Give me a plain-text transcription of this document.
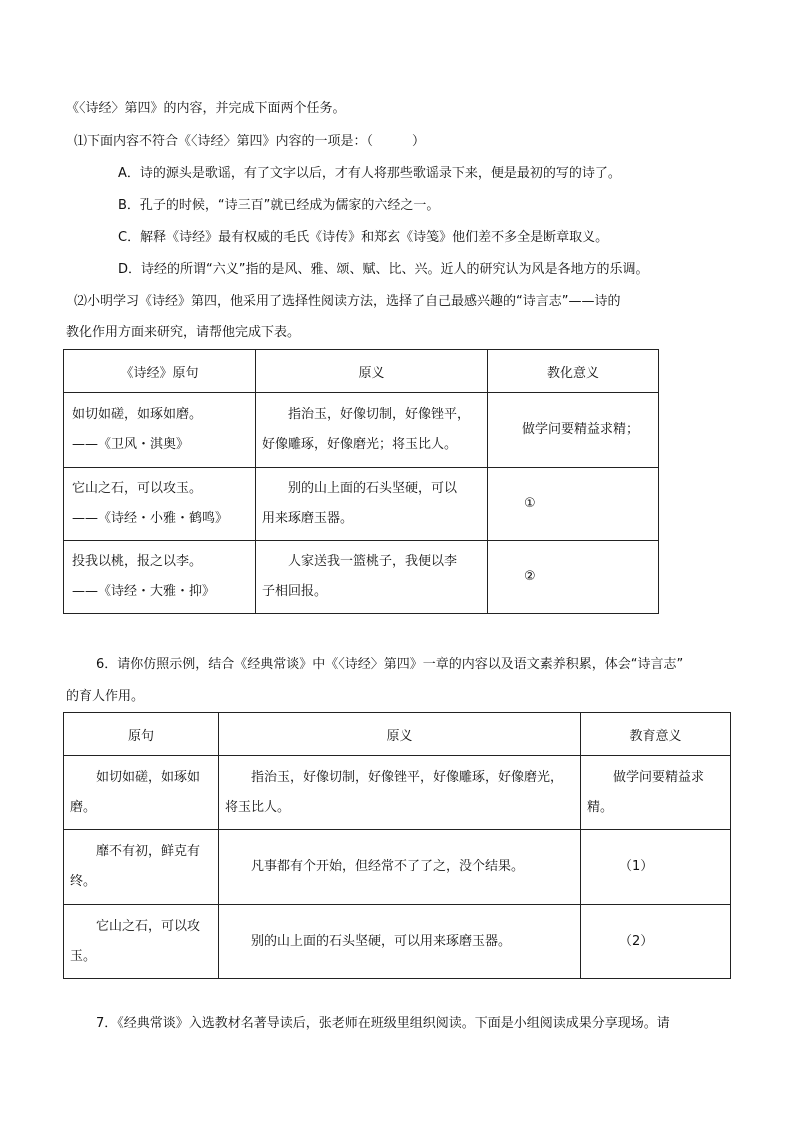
《〈诗经〉第四》的内容，并完成下面两个任务。
⑴下面内容不符合《〈诗经〉第四》内容的一项是：（　　　）
A．诗的源头是歌谣，有了文字以后，才有人将那些歌谣录下来，便是最初的写的诗了。
B．孔子的时候，“诗三百”就已经成为儒家的六经之一。
C．解释《诗经》最有权威的毛氏《诗传》和郑玄《诗笺》他们差不多全是断章取义。
D．诗经的所谓“六义”指的是风、雅、颂、赋、比、兴。近人的研究认为风是各地方的乐调。
⑵小明学习《诗经》第四，他采用了选择性阅读方法，选择了自己最感兴趣的“诗言志”——诗的
教化作用方面来研究，请帮他完成下表。
《诗经》原句	原义	教化意义

如切如磋，如琢如磨。
——《卫风・淇奥》	指治玉，好像切制，好像锉平，
好像雕琢，好像磨光；将玉比人。	做学问要精益求精；

它山之石，可以攻玉。
——《诗经・小雅・鹤鸣》	别的山上面的石头坚硬，可以
用来琢磨玉器。	①

投我以桃，报之以李。
——《诗经・大雅・抑》	人家送我一篮桃子，我便以李
子相回报。	②
6．请你仿照示例，结合《经典常谈》中《〈诗经〉第四》一章的内容以及语文素养积累，体会“诗言志”
的育人作用。
原句	原义	教育意义

如切如磋，如琢如
磨。	指治玉，好像切制，好像锉平，好像雕琢，好像磨光，
将玉比人。	做学问要精益求
精。

靡不有初，鲜克有
终。	凡事都有个开始，但经常不了了之，没个结果。	（1）

它山之石，可以攻
玉。	别的山上面的石头坚硬，可以用来琢磨玉器。	（2）
7．《经典常谈》入选教材名著导读后，张老师在班级里组织阅读。下面是小组阅读成果分享现场。请
